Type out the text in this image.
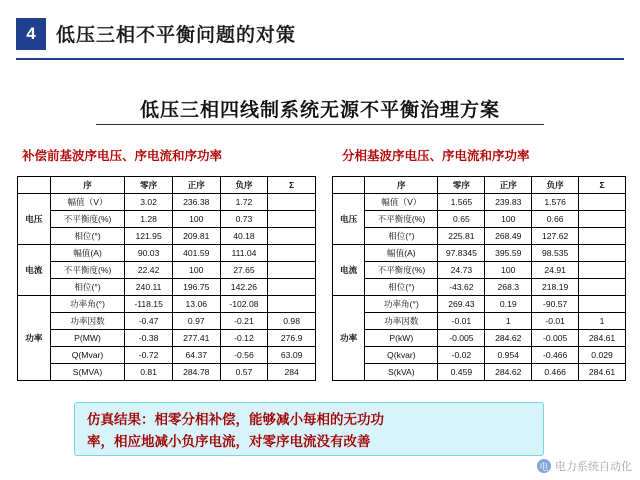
4	低压三相不平衡问题的对策
低压三相四线制系统无源不平衡治理方案
补偿前基波序电压、序电流和序功率	分相基波序电压、序电流和序功率
	序	零序	正序	负序	Σ
电压	幅值（V）	3.02	236.38	1.72	
	不平衡度(%)	1.28	100	0.73	
	相位(°)	121.95	209.81	40.18	
电流	幅值(A)	90.03	401.59	111.04	
	不平衡度(%)	22.42	100	27.65	
	相位(°)	240.11	196.75	142.26	
功率	功率角(°)	-118.15	13.06	-102.08	
	功率因数	-0.47	0.97	-0.21	0.98
	P(MW)	-0.38	277.41	-0.12	276.9
	Q(Mvar)	-0.72	64.37	-0.56	63.09
	S(MVA)	0.81	284.78	0.57	284
	序	零序	正序	负序	Σ
电压	幅值（V）	1.565	239.83	1.576	
	不平衡度(%)	0.65	100	0.66	
	相位(°)	225.81	268.49	127.62	
电流	幅值(A)	97.8345	395.59	98.535	
	不平衡度(%)	24.73	100	24.91	
	相位(°)	-43.62	268.3	218.19	
功率	功率角(°)	269.43	0.19	-90.57	
	功率因数	-0.01	1	-0.01	1
	P(kW)	-0.005	284.62	-0.005	284.61
	Q(kvar)	-0.02	0.954	-0.466	0.029
	S(kVA)	0.459	284.62	0.466	284.61
仿真结果：相零分相补偿，能够减小每相的无功功
率，相应地减小负序电流，对零序电流没有改善
电 电力系统自动化
